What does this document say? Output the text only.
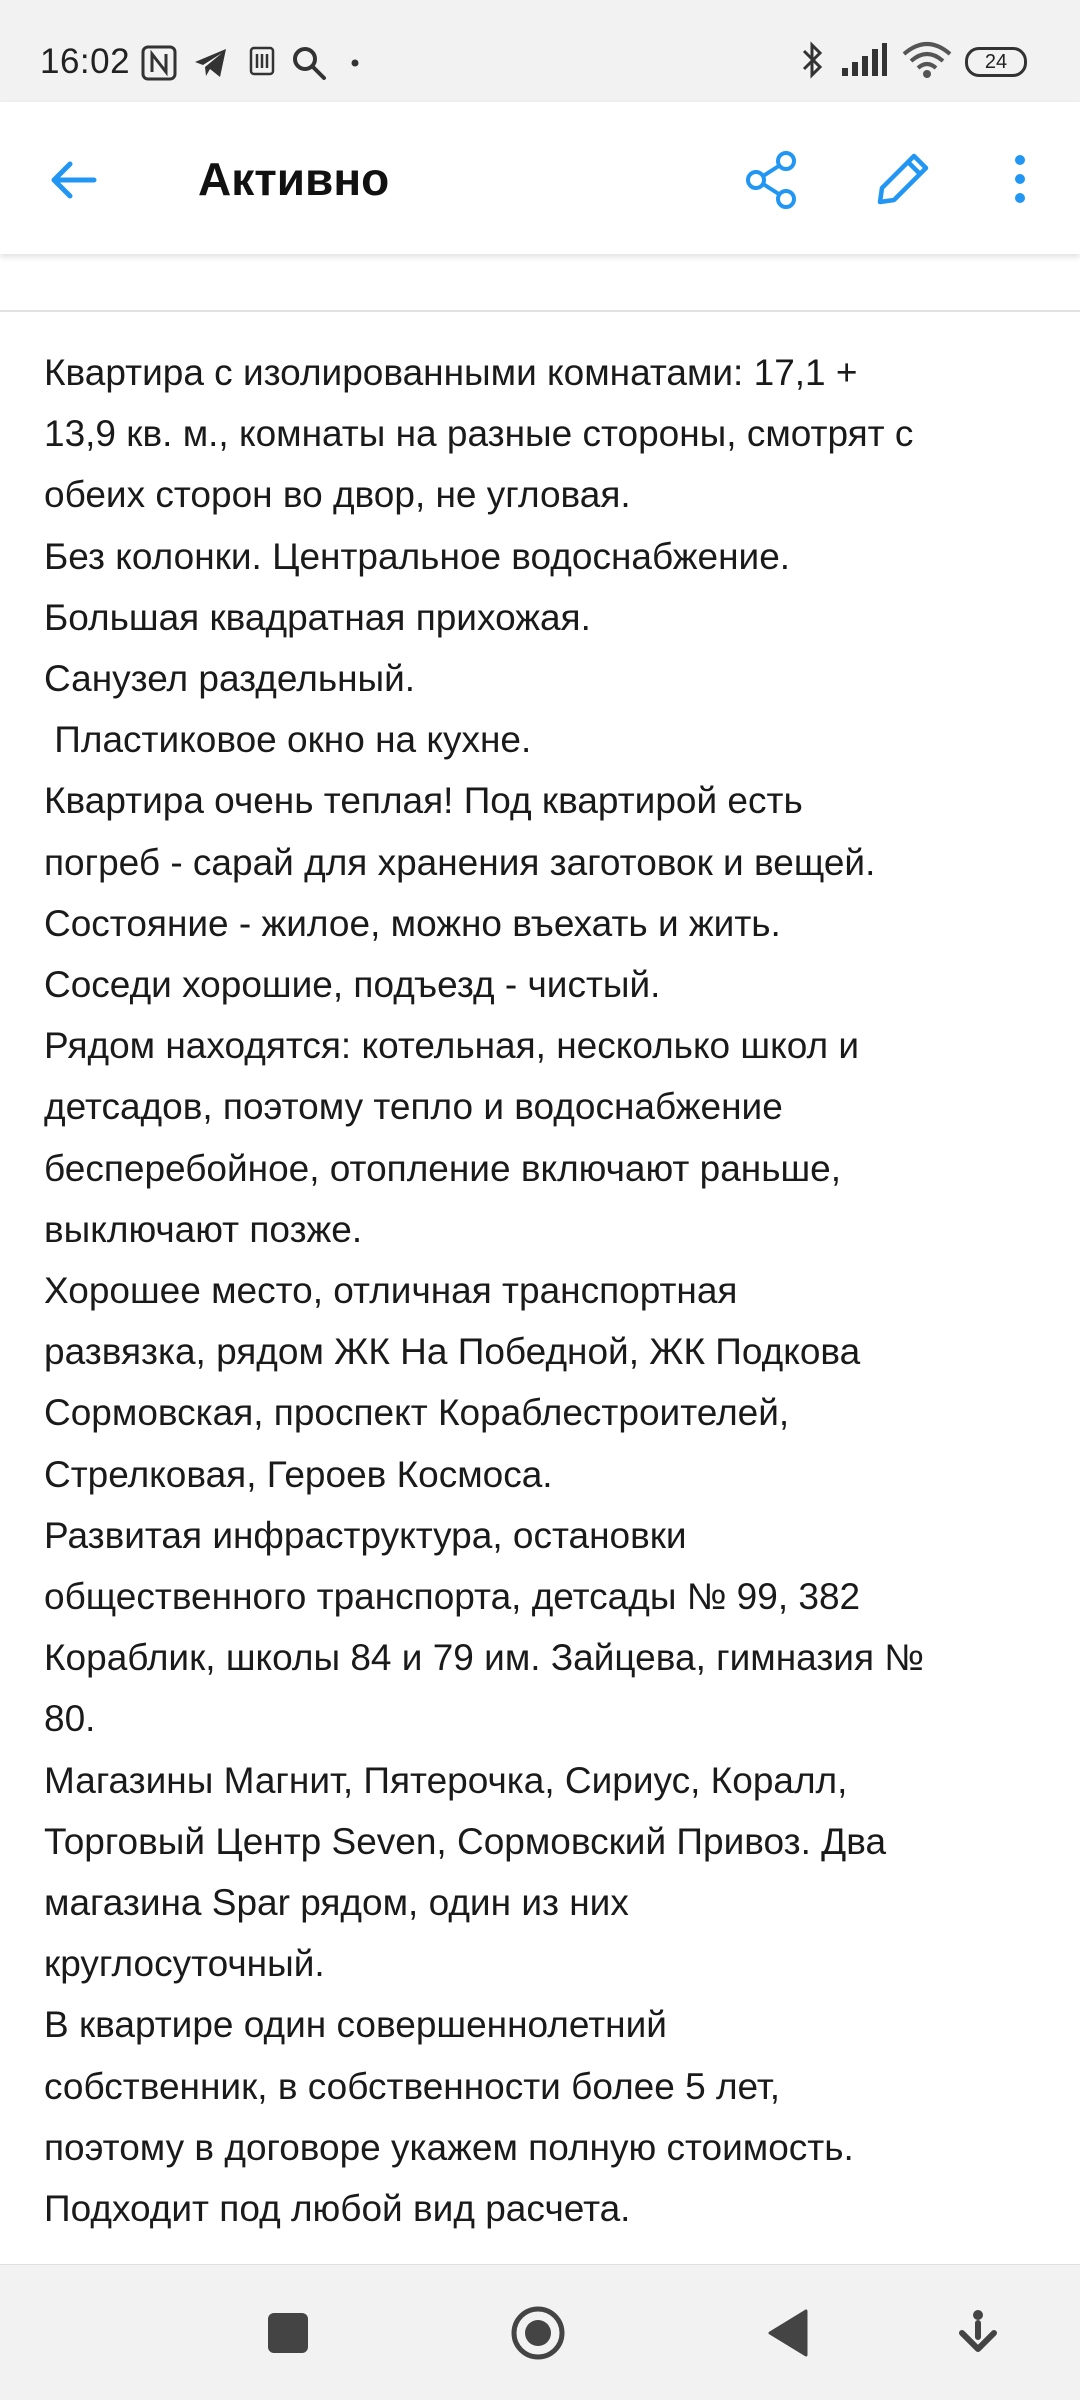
16:02	24
Активно
Квартира с изолированными комнатами: 17,1 +
13,9 кв. м., комнаты на разные стороны, смотрят с
обеих сторон во двор, не угловая.
Без колонки. Центральное водоснабжение.
Большая квадратная прихожая.
Санузел раздельный.
Пластиковое окно на кухне.
Квартира очень теплая! Под квартирой есть
погреб - сарай для хранения заготовок и вещей.
Состояние - жилое, можно въехать и жить.
Соседи хорошие, подъезд - чистый.
Рядом находятся: котельная, несколько школ и
детсадов, поэтому тепло и водоснабжение
бесперебойное, отопление включают раньше,
выключают позже.
Хорошее место, отличная транспортная
развязка, рядом ЖК На Победной, ЖК Подкова
Сормовская, проспект Кораблестроителей,
Стрелковая, Героев Космоса.
Развитая инфраструктура, остановки
общественного транспорта, детсады № 99, 382
Кораблик, школы 84 и 79 им. Зайцева, гимназия №
80.
Магазины Магнит, Пятерочка, Сириус, Коралл,
Торговый Центр Seven, Сормовский Привоз. Два
магазина Spar рядом, один из них
круглосуточный.
В квартире один совершеннолетний
собственник, в собственности более 5 лет,
поэтому в договоре укажем полную стоимость.
Подходит под любой вид расчета.
